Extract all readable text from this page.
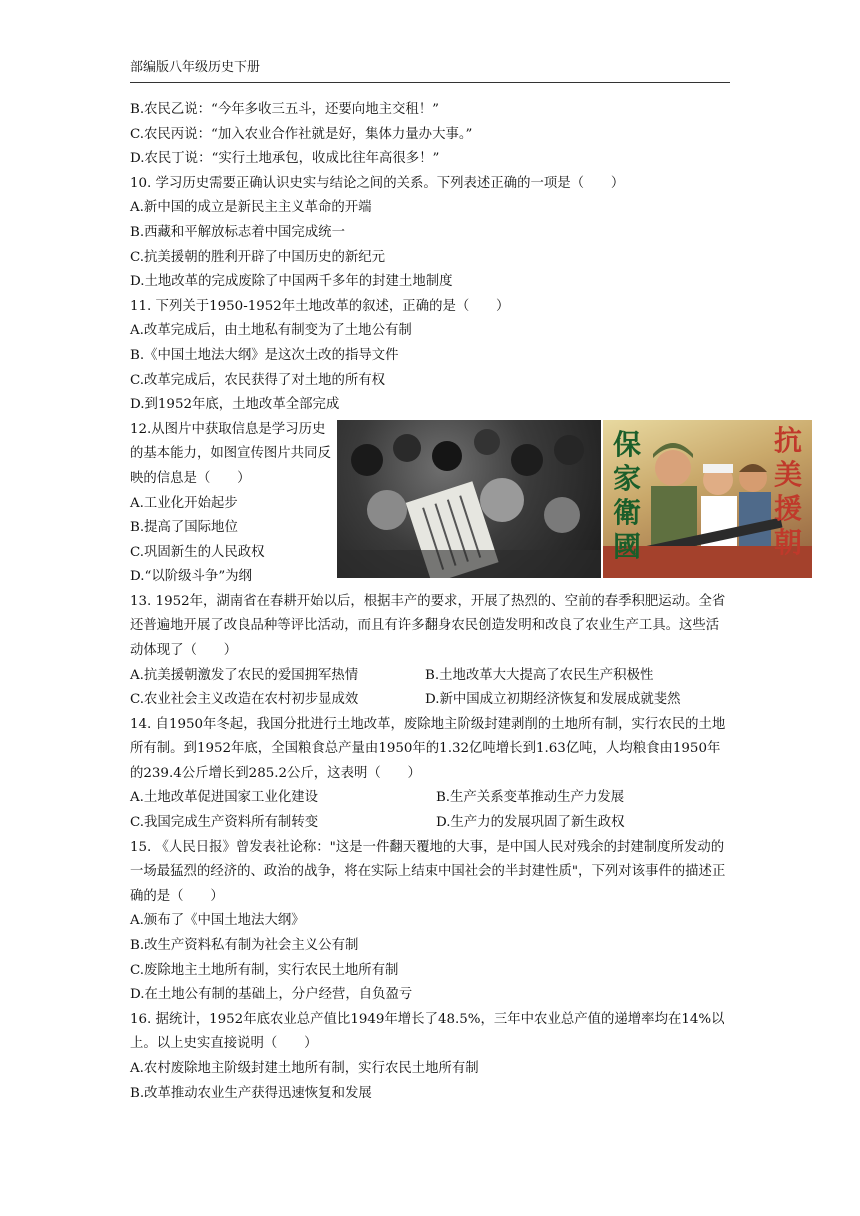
部编版八年级历史下册
B.农民乙说：“今年多收三五斗，还要向地主交租！”
C.农民丙说：“加入农业合作社就是好，集体力量办大事。”
D.农民丁说：“实行土地承包，收成比往年高很多！”
10. 学习历史需要正确认识史实与结论之间的关系。下列表述正确的一项是（　　）
A.新中国的成立是新民主主义革命的开端
B.西藏和平解放标志着中国完成统一
C.抗美援朝的胜利开辟了中国历史的新纪元
D.土地改革的完成废除了中国两千多年的封建土地制度
11. 下列关于1950-1952年土地改革的叙述，正确的是（　　）
A.改革完成后，由土地私有制变为了土地公有制
B.《中国土地法大纲》是这次土改的指导文件
C.改革完成后，农民获得了对土地的所有权
D.到1952年底，土地改革全部完成
12.从图片中获取信息是学习历史的基本能力，如图宣传图片共同反映的信息是（　　）
A.工业化开始起步
B.提高了国际地位
C.巩固新生的人民政权
D.“以阶级斗争”为纲
保家衛國
抗美援朝
13. 1952年，湖南省在春耕开始以后，根据丰产的要求，开展了热烈的、空前的春季积肥运动。全省还普遍地开展了改良品种等评比活动，而且有许多翻身农民创造发明和改良了农业生产工具。这些活动体现了（　　）
A.抗美援朝激发了农民的爱国拥军热情	B.土地改革大大提高了农民生产积极性
C.农业社会主义改造在农村初步显成效	D.新中国成立初期经济恢复和发展成就斐然
14. 自1950年冬起，我国分批进行土地改革，废除地主阶级封建剥削的土地所有制，实行农民的土地所有制。到1952年底，全国粮食总产量由1950年的1.32亿吨增长到1.63亿吨，人均粮食由1950年的239.4公斤增长到285.2公斤，这表明（　　）
A.土地改革促进国家工业化建设	B.生产关系变革推动生产力发展
C.我国完成生产资料所有制转变	D.生产力的发展巩固了新生政权
15. 《人民日报》曾发表社论称："这是一件翻天覆地的大事，是中国人民对残余的封建制度所发动的一场最猛烈的经济的、政治的战争，将在实际上结束中国社会的半封建性质"，下列对该事件的描述正确的是（　　）
A.颁布了《中国土地法大纲》
B.改生产资料私有制为社会主义公有制
C.废除地主土地所有制，实行农民土地所有制
D.在土地公有制的基础上，分户经营，自负盈亏
16. 据统计，1952年底农业总产值比1949年增长了48.5%，三年中农业总产值的递增率均在14%以上。以上史实直接说明（　　）
A.农村废除地主阶级封建土地所有制，实行农民土地所有制
B.改革推动农业生产获得迅速恢复和发展
